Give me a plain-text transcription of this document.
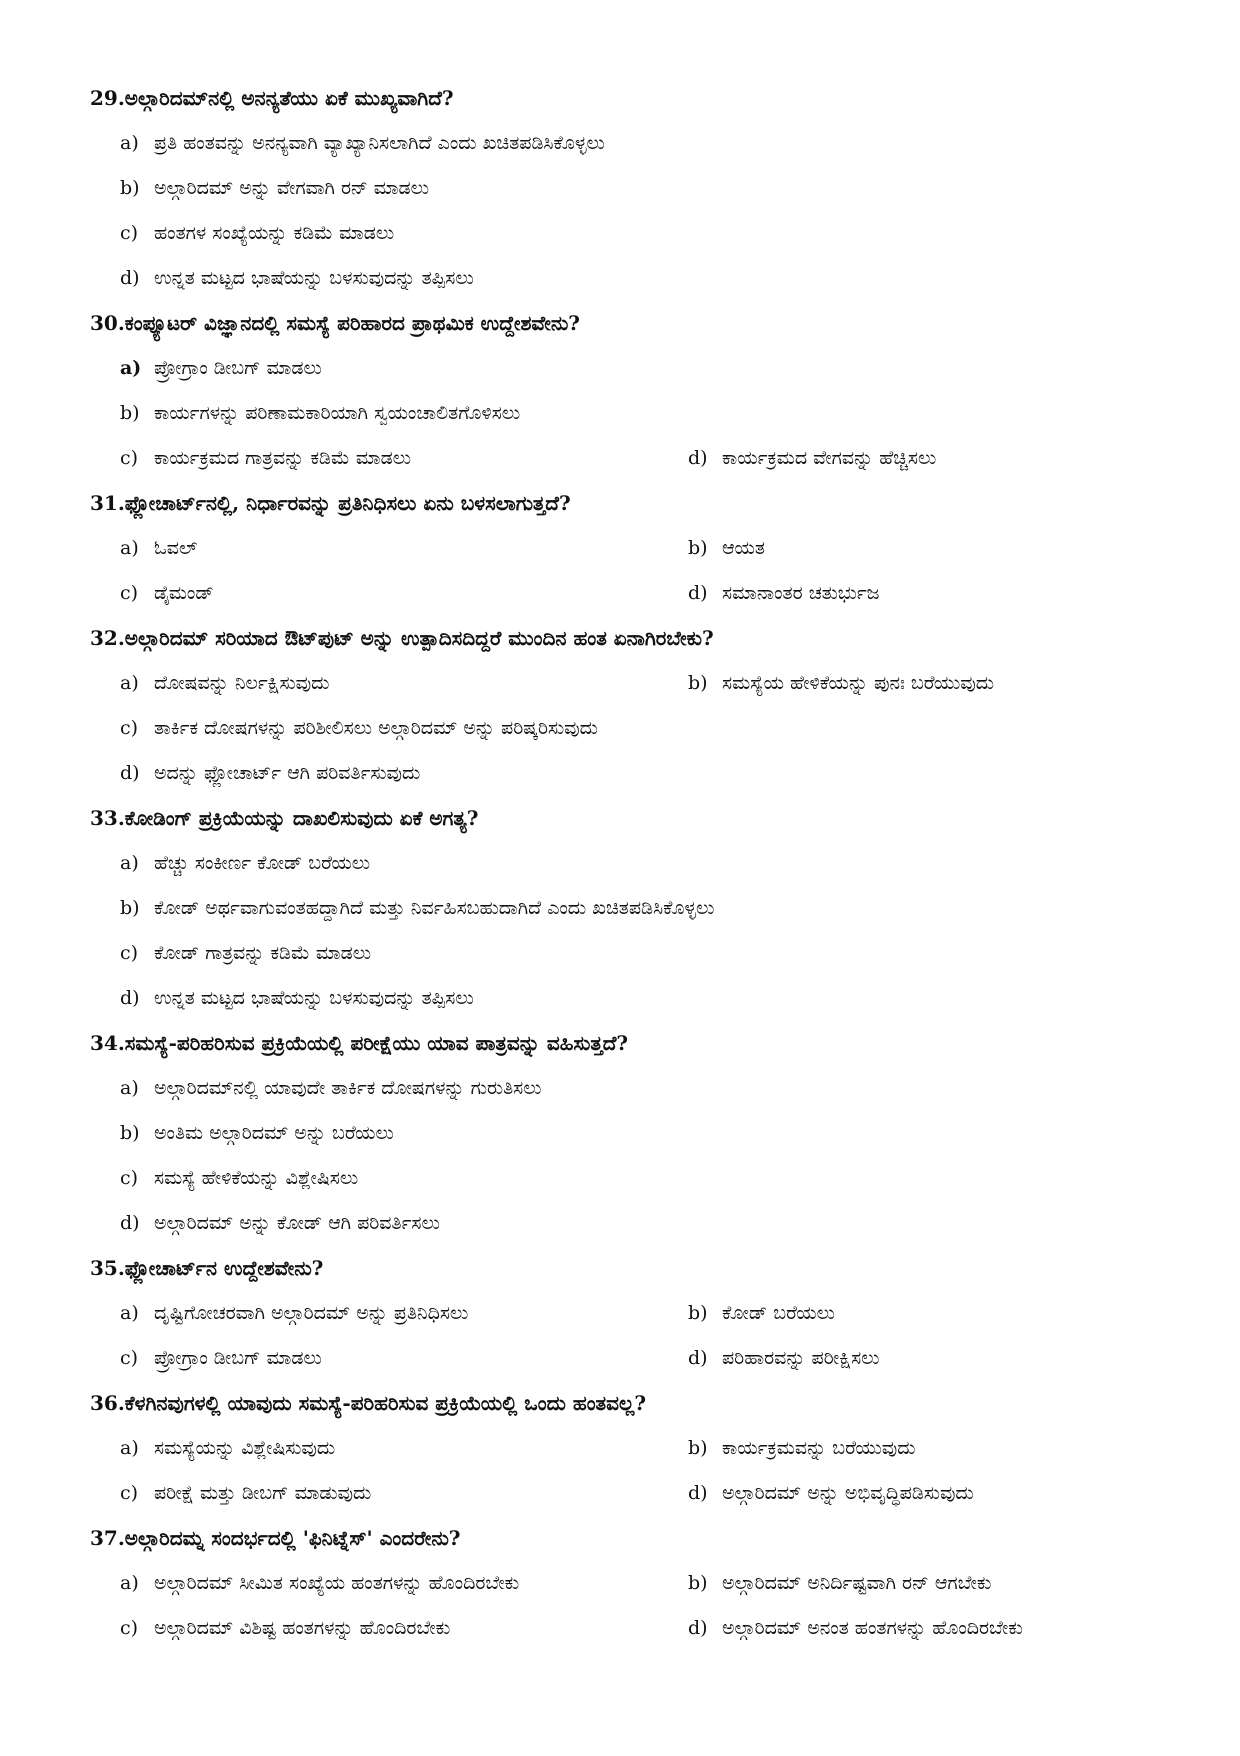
29.ಅಲ್ಗಾರಿದಮ್‌ನಲ್ಲಿ ಅನನ್ಯತೆಯು ಏಕೆ ಮುಖ್ಯವಾಗಿದೆ?
a) ಪ್ರತಿ ಹಂತವನ್ನು ಅನನ್ಯವಾಗಿ ವ್ಯಾಖ್ಯಾನಿಸಲಾಗಿದೆ ಎಂದು ಖಚಿತಪಡಿಸಿಕೊಳ್ಳಲು
b) ಅಲ್ಗಾರಿದಮ್ ಅನ್ನು ವೇಗವಾಗಿ ರನ್ ಮಾಡಲು
c) ಹಂತಗಳ ಸಂಖ್ಯೆಯನ್ನು ಕಡಿಮೆ ಮಾಡಲು
d) ಉನ್ನತ ಮಟ್ಟದ ಭಾಷೆಯನ್ನು ಬಳಸುವುದನ್ನು ತಪ್ಪಿಸಲು
30.ಕಂಪ್ಯೂಟರ್ ವಿಜ್ಞಾನದಲ್ಲಿ ಸಮಸ್ಯೆ ಪರಿಹಾರದ ಪ್ರಾಥಮಿಕ ಉದ್ದೇಶವೇನು?
a) ಪ್ರೋಗ್ರಾಂ ಡೀಬಗ್ ಮಾಡಲು
b) ಕಾರ್ಯಗಳನ್ನು ಪರಿಣಾಮಕಾರಿಯಾಗಿ ಸ್ವಯಂಚಾಲಿತಗೊಳಿಸಲು
c) ಕಾರ್ಯಕ್ರಮದ ಗಾತ್ರವನ್ನು ಕಡಿಮೆ ಮಾಡಲು	d) ಕಾರ್ಯಕ್ರಮದ ವೇಗವನ್ನು ಹೆಚ್ಚಿಸಲು
31.ಫ್ಲೋಚಾರ್ಟ್‌ನಲ್ಲಿ, ನಿರ್ಧಾರವನ್ನು ಪ್ರತಿನಿಧಿಸಲು ಏನು ಬಳಸಲಾಗುತ್ತದೆ?
a) ಓವಲ್	b) ಆಯತ
c) ಡೈಮಂಡ್	d) ಸಮಾನಾಂತರ ಚತುರ್ಭುಜ
32.ಅಲ್ಗಾರಿದಮ್ ಸರಿಯಾದ ಔಟ್‌ಪುಟ್ ಅನ್ನು ಉತ್ಪಾದಿಸದಿದ್ದರೆ ಮುಂದಿನ ಹಂತ ಏನಾಗಿರಬೇಕು?
a) ದೋಷವನ್ನು ನಿರ್ಲಕ್ಷಿಸುವುದು	b) ಸಮಸ್ಯೆಯ ಹೇಳಿಕೆಯನ್ನು ಪುನಃ ಬರೆಯುವುದು
c) ತಾರ್ಕಿಕ ದೋಷಗಳನ್ನು ಪರಿಶೀಲಿಸಲು ಅಲ್ಗಾರಿದಮ್ ಅನ್ನು ಪರಿಷ್ಕರಿಸುವುದು
d) ಅದನ್ನು ಫ್ಲೋಚಾರ್ಟ್ ಆಗಿ ಪರಿವರ್ತಿಸುವುದು
33.ಕೋಡಿಂಗ್ ಪ್ರಕ್ರಿಯೆಯನ್ನು ದಾಖಲಿಸುವುದು ಏಕೆ ಅಗತ್ಯ?
a) ಹೆಚ್ಚು ಸಂಕೀರ್ಣ ಕೋಡ್ ಬರೆಯಲು
b) ಕೋಡ್ ಅರ್ಥವಾಗುವಂತಹದ್ದಾಗಿದೆ ಮತ್ತು ನಿರ್ವಹಿಸಬಹುದಾಗಿದೆ ಎಂದು ಖಚಿತಪಡಿಸಿಕೊಳ್ಳಲು
c) ಕೋಡ್ ಗಾತ್ರವನ್ನು ಕಡಿಮೆ ಮಾಡಲು
d) ಉನ್ನತ ಮಟ್ಟದ ಭಾಷೆಯನ್ನು ಬಳಸುವುದನ್ನು ತಪ್ಪಿಸಲು
34.ಸಮಸ್ಯೆ-ಪರಿಹರಿಸುವ ಪ್ರಕ್ರಿಯೆಯಲ್ಲಿ ಪರೀಕ್ಷೆಯು ಯಾವ ಪಾತ್ರವನ್ನು ವಹಿಸುತ್ತದೆ?
a) ಅಲ್ಗಾರಿದಮ್‌ನಲ್ಲಿ ಯಾವುದೇ ತಾರ್ಕಿಕ ದೋಷಗಳನ್ನು ಗುರುತಿಸಲು
b) ಅಂತಿಮ ಅಲ್ಗಾರಿದಮ್ ಅನ್ನು ಬರೆಯಲು
c) ಸಮಸ್ಯೆ ಹೇಳಿಕೆಯನ್ನು ವಿಶ್ಲೇಷಿಸಲು
d) ಅಲ್ಗಾರಿದಮ್ ಅನ್ನು ಕೋಡ್ ಆಗಿ ಪರಿವರ್ತಿಸಲು
35.ಫ್ಲೋಚಾರ್ಟ್‌ನ ಉದ್ದೇಶವೇನು?
a) ದೃಷ್ಟಿಗೋಚರವಾಗಿ ಅಲ್ಗಾರಿದಮ್ ಅನ್ನು ಪ್ರತಿನಿಧಿಸಲು	b) ಕೋಡ್ ಬರೆಯಲು
c) ಪ್ರೋಗ್ರಾಂ ಡೀಬಗ್ ಮಾಡಲು	d) ಪರಿಹಾರವನ್ನು ಪರೀಕ್ಷಿಸಲು
36.ಕೆಳಗಿನವುಗಳಲ್ಲಿ ಯಾವುದು ಸಮಸ್ಯೆ-ಪರಿಹರಿಸುವ ಪ್ರಕ್ರಿಯೆಯಲ್ಲಿ ಒಂದು ಹಂತವಲ್ಲ?
a) ಸಮಸ್ಯೆಯನ್ನು ವಿಶ್ಲೇಷಿಸುವುದು	b) ಕಾರ್ಯಕ್ರಮವನ್ನು ಬರೆಯುವುದು
c) ಪರೀಕ್ಷೆ ಮತ್ತು ಡೀಬಗ್ ಮಾಡುವುದು	d) ಅಲ್ಗಾರಿದಮ್ ಅನ್ನು ಅಭಿವೃದ್ಧಿಪಡಿಸುವುದು
37.ಅಲ್ಗಾರಿದಮ್ನ ಸಂದರ್ಭದಲ್ಲಿ 'ಫಿನಿಟ್ನೆಸ್' ಎಂದರೇನು?
a) ಅಲ್ಗಾರಿದಮ್ ಸೀಮಿತ ಸಂಖ್ಯೆಯ ಹಂತಗಳನ್ನು ಹೊಂದಿರಬೇಕು	b) ಅಲ್ಗಾರಿದಮ್ ಅನಿರ್ದಿಷ್ಟವಾಗಿ ರನ್ ಆಗಬೇಕು
c) ಅಲ್ಗಾರಿದಮ್ ವಿಶಿಷ್ಟ ಹಂತಗಳನ್ನು ಹೊಂದಿರಬೇಕು	d) ಅಲ್ಗಾರಿದಮ್ ಅನಂತ ಹಂತಗಳನ್ನು ಹೊಂದಿರಬೇಕು
